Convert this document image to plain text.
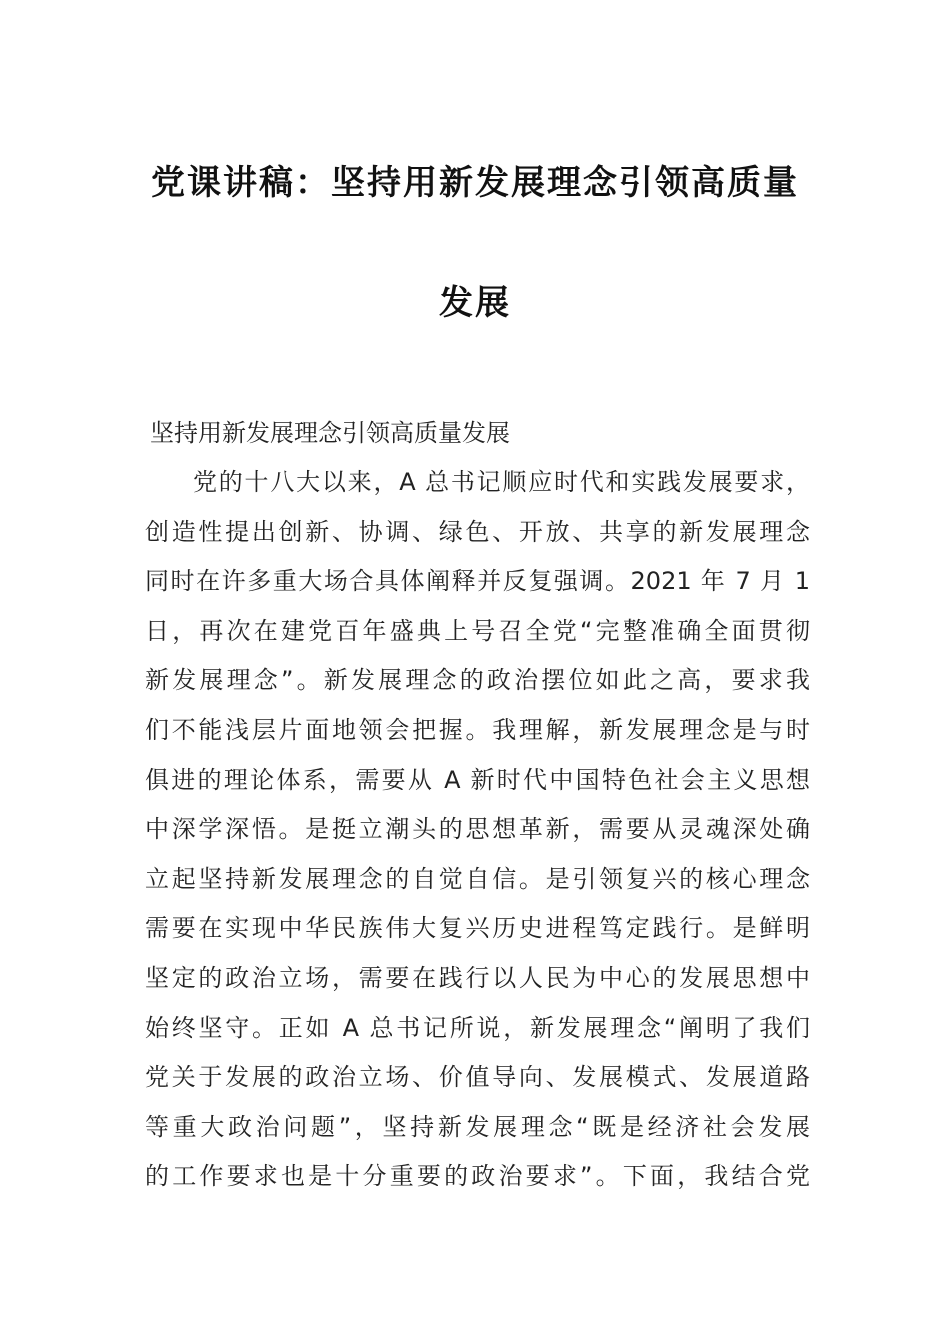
党课讲稿：坚持用新发展理念引领高质量
发展
坚持用新发展理念引领高质量发展
党的十八大以来，A 总书记顺应时代和实践发展要求，
创造性提出创新、协调、绿色、开放、共享的新发展理念
同时在许多重大场合具体阐释并反复强调。2021 年 7 月 1
日，再次在建党百年盛典上号召全党“完整准确全面贯彻
新发展理念”。新发展理念的政治摆位如此之高，要求我
们不能浅层片面地领会把握。我理解，新发展理念是与时
俱进的理论体系，需要从 A 新时代中国特色社会主义思想
中深学深悟。是挺立潮头的思想革新，需要从灵魂深处确
立起坚持新发展理念的自觉自信。是引领复兴的核心理念
需要在实现中华民族伟大复兴历史进程笃定践行。是鲜明
坚定的政治立场，需要在践行以人民为中心的发展思想中
始终坚守。正如 A 总书记所说，新发展理念“阐明了我们
党关于发展的政治立场、价值导向、发展模式、发展道路
等重大政治问题”，坚持新发展理念“既是经济社会发展
的工作要求也是十分重要的政治要求”。下面，我结合党
